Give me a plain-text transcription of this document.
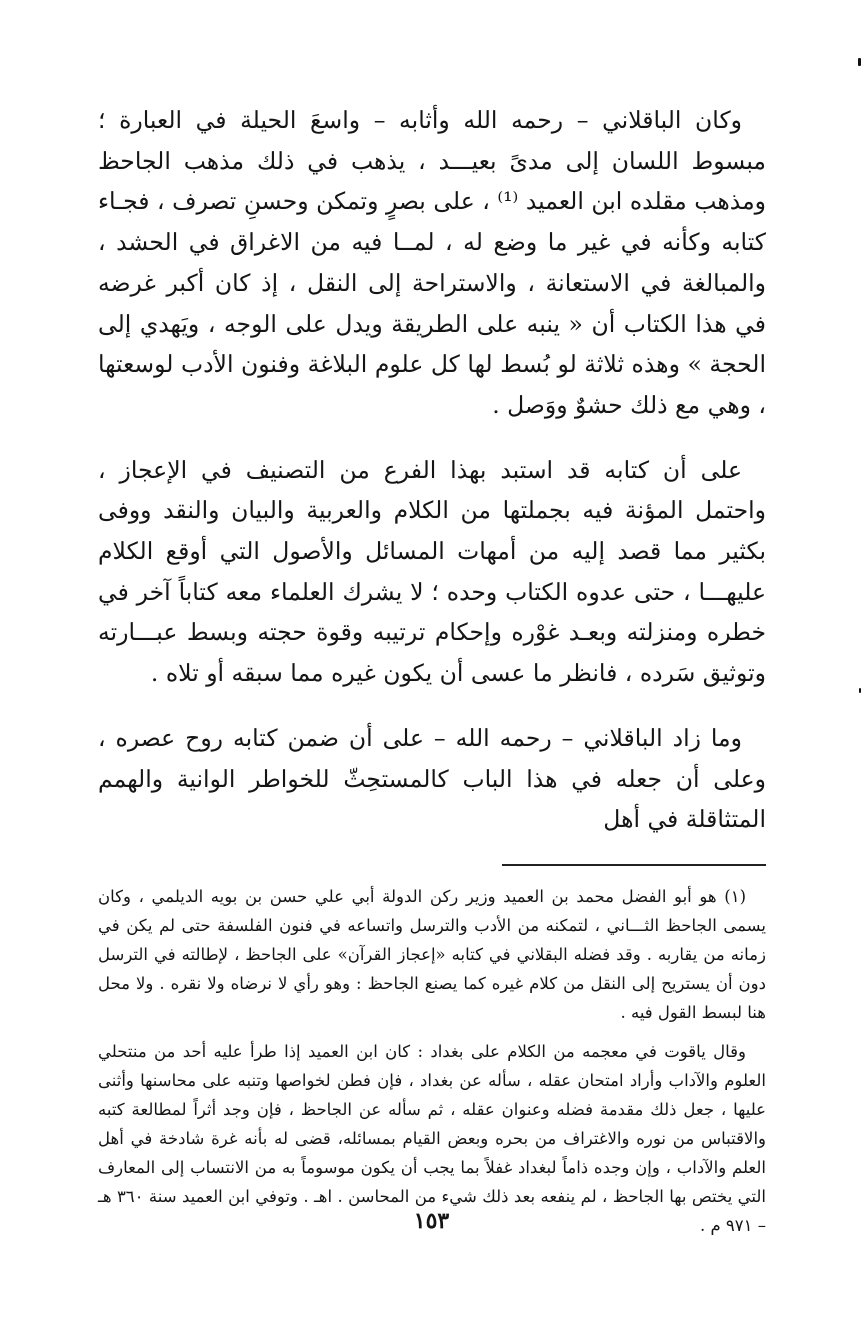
وكان الباقلاني – رحمه الله وأثابه – واسعَ الحيلة في العبارة ؛ مبسوط اللسان إلى مدىً بعيـــد ، يذهب في ذلك مذهب الجاحظ ومذهب مقلده ابن العميد ⁽¹⁾ ، على بصرٍ وتمكن وحسنِ تصرف ، فجـاء كتابه وكأنه في غير ما وضع له ، لمــا فيه من الاغراق في الحشد ، والمبالغة في الاستعانة ، والاستراحة إلى النقل ، إذ كان أكبر غرضه في هذا الكتاب أن « ينبه على الطريقة ويدل على الوجه ، ويَهدي إلى الحجة » وهذه ثلاثة لو بُسط لها كل علوم البلاغة وفنون الأدب لوسعتها ، وهي مع ذلك حشوٌ ووَصل .

على أن كتابه قد استبد بهذا الفرع من التصنيف في الإعجاز ، واحتمل المؤنة فيه بجملتها من الكلام والعربية والبيان والنقد ووفى بكثير مما قصد إليه من أمهات المسائل والأصول التي أوقع الكلام عليهـــا ، حتى عدوه الكتاب وحده ؛ لا يشرك العلماء معه كتاباً آخر في خطره ومنزلته وبعـد غوْره وإحكام ترتيبه وقوة حجته وبسط عبـــارته وتوثيق سَرده ، فانظر ما عسى أن يكون غيره مما سبقه أو تلاه .

وما زاد الباقلاني – رحمه الله – على أن ضمن كتابه روح عصره ، وعلى أن جعله في هذا الباب كالمستحِثّ للخواطر الوانية والهمم المتثاقلة في أهل

(١) هو أبو الفضل محمد بن العميد وزير ركن الدولة أبي علي حسن بن بويه الديلمي ، وكان يسمى الجاحظ الثـــاني ، لتمكنه من الأدب والترسل واتساعه في فنون الفلسفة حتى لم يكن في زمانه من يقاربه . وقد فضله البقلاني في كتابه «إعجاز القرآن» على الجاحظ ، لإطالته في الترسل دون أن يستريح إلى النقل من كلام غيره كما يصنع الجاحظ : وهو رأي لا نرضاه ولا نقره . ولا محل هنا لبسط القول فيه .

وقال ياقوت في معجمه من الكلام على بغداد : كان ابن العميد إذا طرأ عليه أحد من منتحلي العلوم والآداب وأراد امتحان عقله ، سأله عن بغداد ، فإن فطن لخواصها وتنبه على محاسنها وأثنى عليها ، جعل ذلك مقدمة فضله وعنوان عقله ، ثم سأله عن الجاحظ ، فإن وجد أثراً لمطالعة كتبه والاقتباس من نوره والاغتراف من بحره وبعض القيام بمسائله، قضى له بأنه غرة شادخة في أهل العلم والآداب ، وإن وجده ذاماً لبغداد غفلاً بما يجب أن يكون موسوماً به من الانتساب إلى المعارف التي يختص بها الجاحظ ، لم ينفعه بعد ذلك شيء من المحاسن . اهـ . وتوفي ابن العميد سنة ٣٦٠ هـ – ٩٧١ م .

١٥٣
